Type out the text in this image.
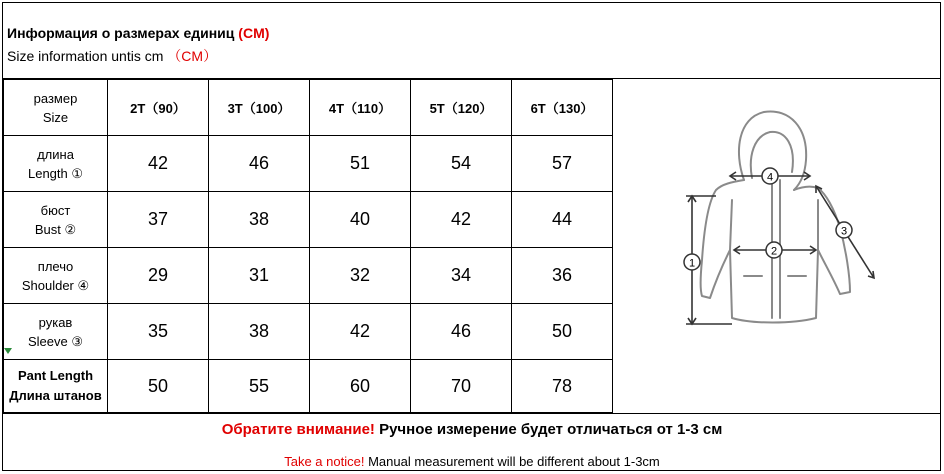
Информация о размерах единиц (CM)
Size information untis cm （CM）
размер
Size	2T（90）	3T（100）	4T（110）	5T（120）	6T（130）

длина
Length ①	42	46	51	54	57

бюст
Bust ②	37	38	40	42	44

плечо
Shoulder ④	29	31	32	34	36

рукав
Sleeve ③	35	38	42	46	50

Pant Length
Длина штанов	50	55	60	70	78
4
2
1
3
Обратите внимание! Ручное измерение будет отличаться от 1-3 см
Take a notice! Manual measurement will be different about 1-3cm
